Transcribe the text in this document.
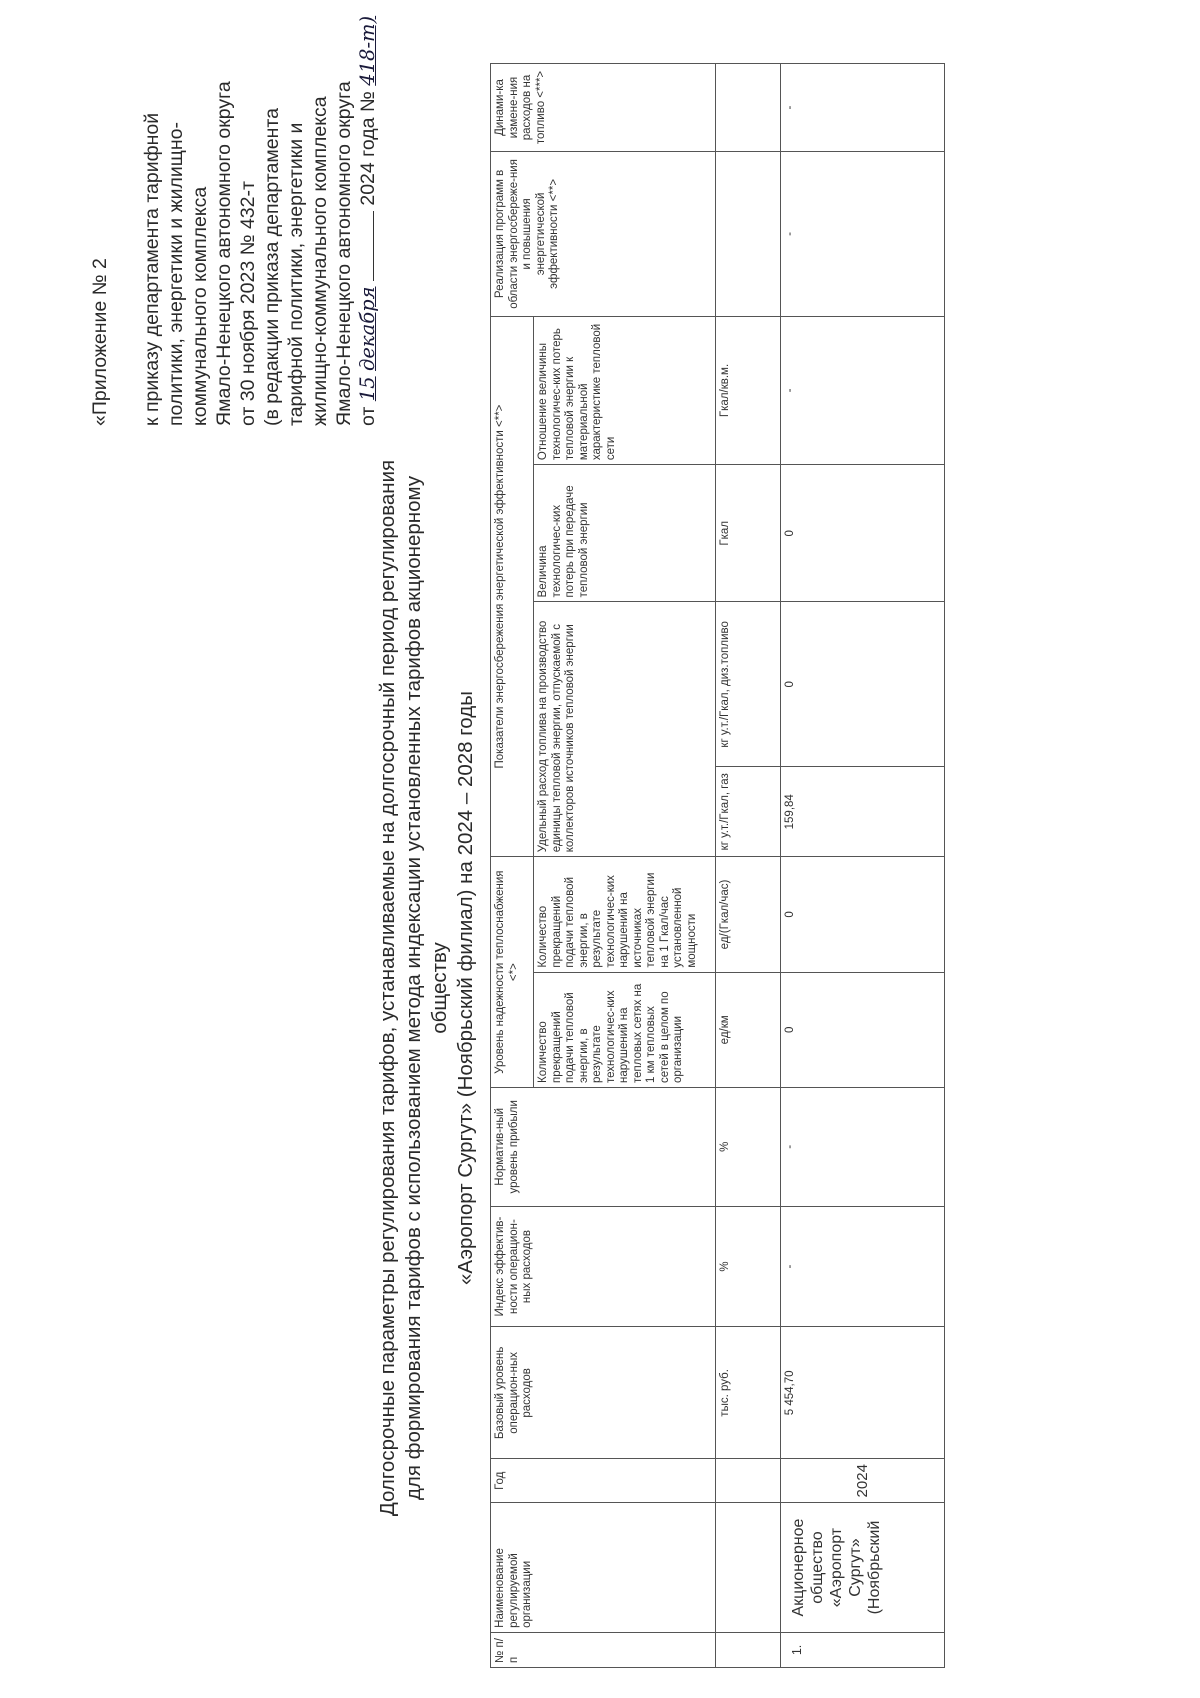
«Приложение № 2 к приказу департамента тарифной политики, энергетики и жилищно- коммунального комплекса Ямало-Ненецкого автономного округа от 30 ноября 2023 № 432-т (в редакции приказа департамента тарифной политики, энергетики и жилищно-коммунального комплекса Ямало-Ненецкого автономного округа от 15 декабря  2024 года № 418-т)
Долгосрочные параметры регулирования тарифов, устанавливаемые на долгосрочный период регулирования для формирования тарифов с использованием метода индексации установленных тарифов акционерному обществу «Аэропорт Сургут» (Ноябрьский филиал) на 2024 – 2028 годы
№ п/ п	Наименование регулируемой организации	Год	Базовый уровень операцион-ных расходов	Индекс эффектив-ности операцион-ных расходов	Норматив-ный уровень прибыли	Уровень надежности теплоснабжения <*>		Показатели энергосбережения энергетической эффективности <**>				Реализация программ в области энергосбереже-ния и повышения энергетической эффективности <**>	Динами-ка измене-ния расходов на топливо <***>
						Количество прекращений подачи тепловой энергии, в результате технологичес-ких нарушений на тепловых сетях на 1 км тепловых сетей в целом по организации	Количество прекращений подачи тепловой энергии, в результате технологичес-ких нарушений на источниках тепловой энергии на 1 Гкал/час установленной мощности	Удельный расход топлива на производство единицы тепловой энергии, отпускаемой с коллекторов источников тепловой энергии		Величина технологичес-ких потерь при передаче тепловой энергии	Отношение величины технологичес-ких потерь тепловой энергии к материальной характеристике тепловой сети		
			тыс. руб.	%	%	ед/км	ед/(Гкал/час)	кг у.т./Гкал, газ	кг у.т./Гкал, диз.топливо	Гкал	Гкал/кв.м.		
1.	Акционерное общество «Аэропорт Сургут» (Ноябрьский	2024	5 454,70	-	-	0	0	159,84	0	0	-	-	-
